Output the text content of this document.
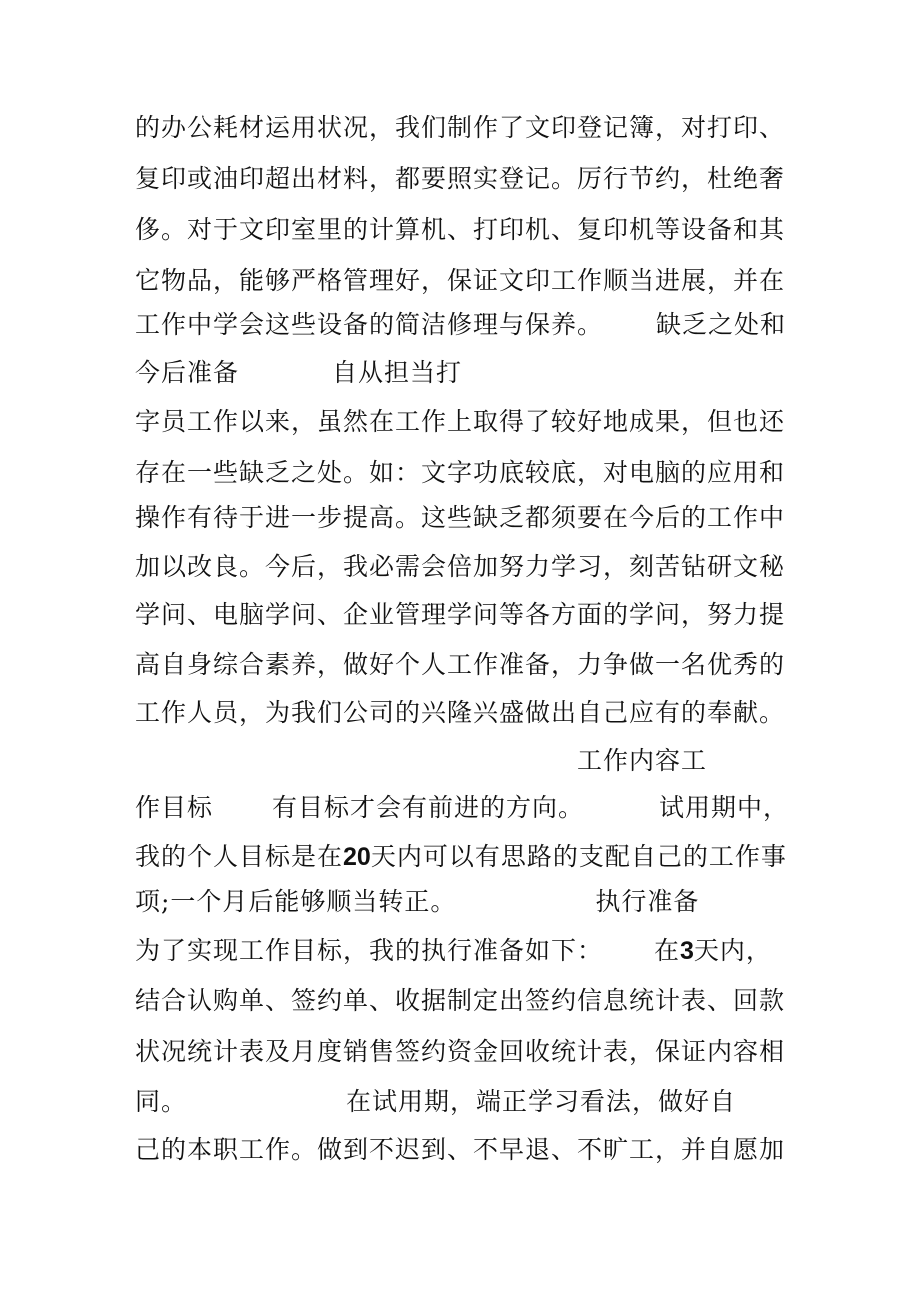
的办公耗材运用状况，我们制作了文印登记簿，对打印、
复印或油印超出材料，都要照实登记。厉行节约，杜绝奢
侈。对于文印室里的计算机、打印机、复印机等设备和其
它物品，能够严格管理好，保证文印工作顺当进展，并在
工作中学会这些设备的简洁修理与保养。 缺乏之处和
今后准备	自从担当打
字员工作以来，虽然在工作上取得了较好地成果，但也还
存在一些缺乏之处。如：文字功底较底，对电脑的应用和
操作有待于进一步提高。这些缺乏都须要在今后的工作中
加以改良。今后，我必需会倍加努力学习，刻苦钻研文秘
学问、电脑学问、企业管理学问等各方面的学问，努力提
高自身综合素养，做好个人工作准备，力争做一名优秀的
工作人员，为我们公司的兴隆兴盛做出自己应有的奉献。
工作内容工
作目标 有目标才会有前进的方向。	试用期中，
我的个人目标是在20天内可以有思路的支配自己的工作事
项;一个月后能够顺当转正。	执行准备
为了实现工作目标，我的执行准备如下： 在3天内，
结合认购单、签约单、收据制定出签约信息统计表、回款
状况统计表及月度销售签约资金回收统计表，保证内容相
同。	在试用期，端正学习看法，做好自
己的本职工作。做到不迟到、不早退、不旷工，并自愿加
